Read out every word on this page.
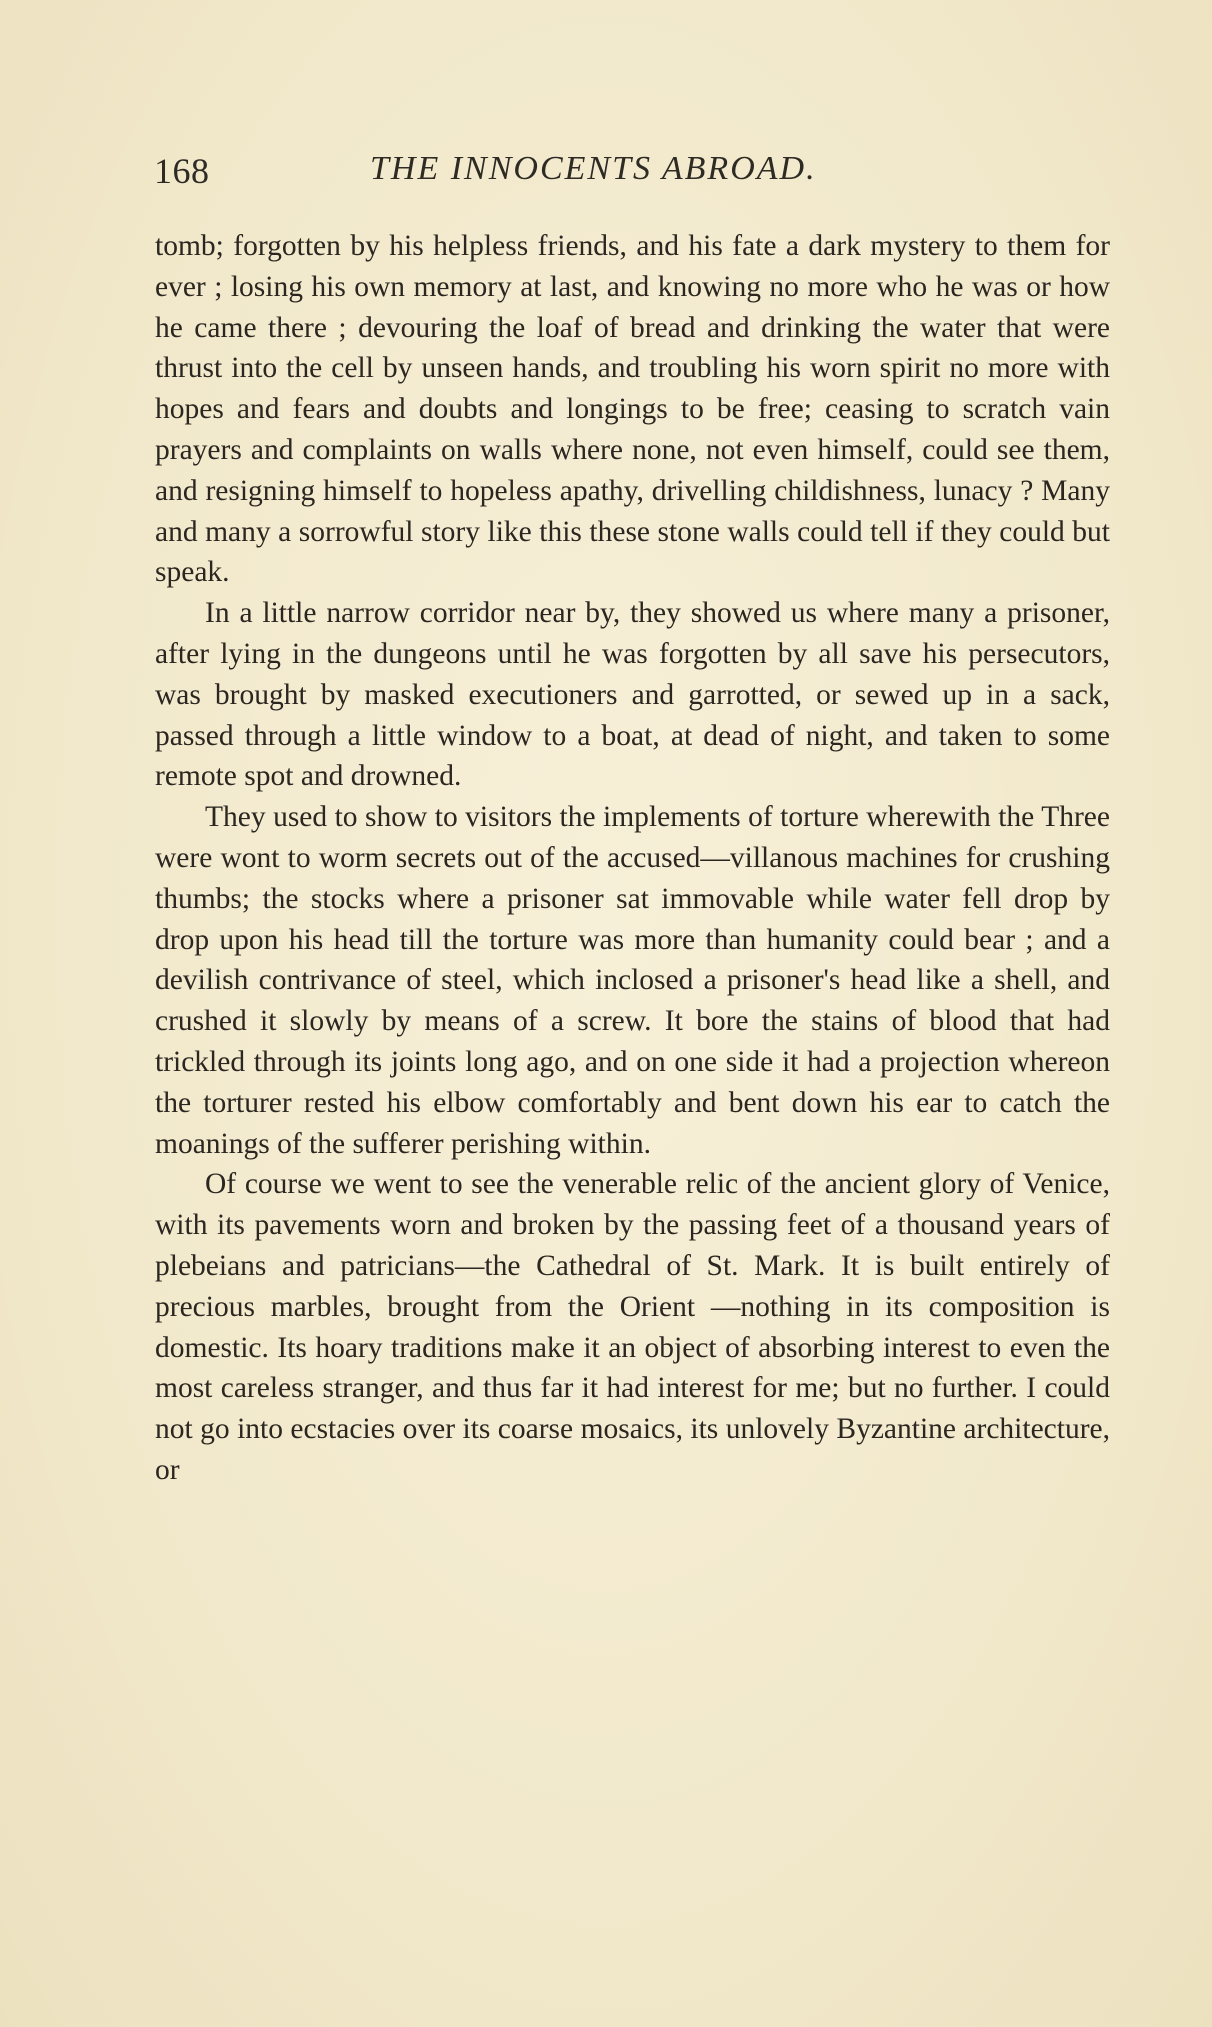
168	THE INNOCENTS ABROAD.

tomb; forgotten by his helpless friends, and his fate a dark mystery to them for ever ; losing his own memory at last, and knowing no more who he was or how he came there ; devouring the loaf of bread and drinking the water that were thrust into the cell by unseen hands, and troubling his worn spirit no more with hopes and fears and doubts and longings to be free; ceasing to scratch vain prayers and complaints on walls where none, not even himself, could see them, and resigning himself to hopeless apathy, drivelling childishness, lunacy ? Many and many a sorrowful story like this these stone walls could tell if they could but speak.

In a little narrow corridor near by, they showed us where many a prisoner, after lying in the dungeons until he was forgotten by all save his persecutors, was brought by masked executioners and garrotted, or sewed up in a sack, passed through a little window to a boat, at dead of night, and taken to some remote spot and drowned.

They used to show to visitors the implements of torture wherewith the Three were wont to worm secrets out of the accused—villanous machines for crushing thumbs; the stocks where a prisoner sat immovable while water fell drop by drop upon his head till the torture was more than humanity could bear ; and a devilish contrivance of steel, which inclosed a prisoner's head like a shell, and crushed it slowly by means of a screw. It bore the stains of blood that had trickled through its joints long ago, and on one side it had a projection whereon the torturer rested his elbow comfortably and bent down his ear to catch the moanings of the sufferer perishing within.

Of course we went to see the venerable relic of the ancient glory of Venice, with its pavements worn and broken by the passing feet of a thousand years of plebeians and patricians—the Cathedral of St. Mark. It is built entirely of precious marbles, brought from the Orient —nothing in its composition is domestic. Its hoary traditions make it an object of absorbing interest to even the most careless stranger, and thus far it had interest for me; but no further. I could not go into ecstacies over its coarse mosaics, its unlovely Byzantine architecture, or
